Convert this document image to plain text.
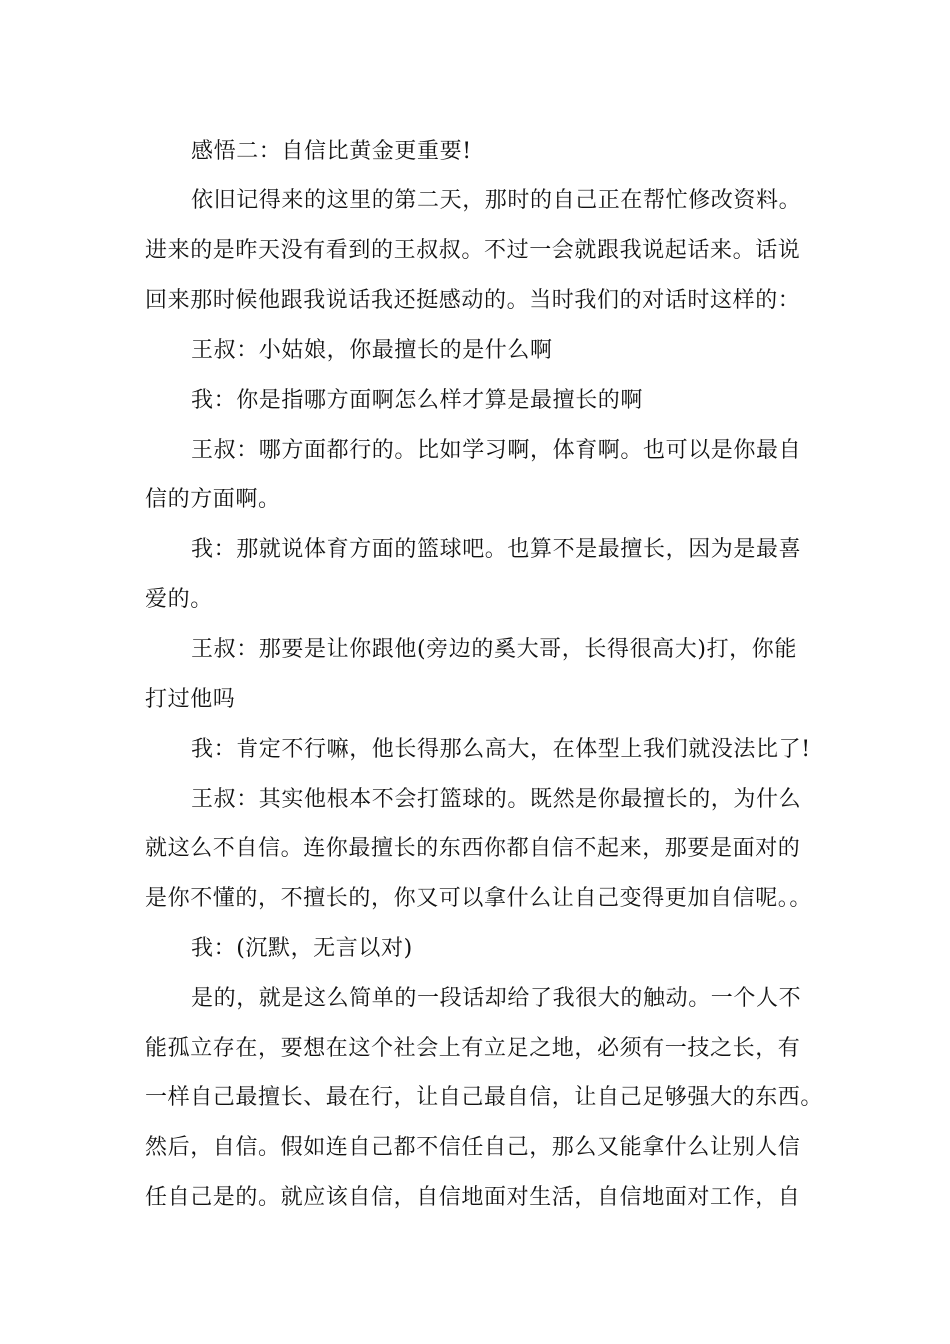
感悟二：自信比黄金更重要!
依旧记得来的这里的第二天，那时的自己正在帮忙修改资料。
进来的是昨天没有看到的王叔叔。不过一会就跟我说起话来。话说
回来那时候他跟我说话我还挺感动的。当时我们的对话时这样的：
王叔：小姑娘，你最擅长的是什么啊
我：你是指哪方面啊怎么样才算是最擅长的啊
王叔：哪方面都行的。比如学习啊，体育啊。也可以是你最自
信的方面啊。
我：那就说体育方面的篮球吧。也算不是最擅长，因为是最喜
爱的。
王叔：那要是让你跟他(旁边的奚大哥，长得很高大)打，你能
打过他吗
我：肯定不行嘛，他长得那么高大，在体型上我们就没法比了!
王叔：其实他根本不会打篮球的。既然是你最擅长的，为什么
就这么不自信。连你最擅长的东西你都自信不起来，那要是面对的
是你不懂的，不擅长的，你又可以拿什么让自己变得更加自信呢。。
我：(沉默，无言以对)
是的，就是这么简单的一段话却给了我很大的触动。一个人不
能孤立存在，要想在这个社会上有立足之地，必须有一技之长，有
一样自己最擅长、最在行，让自己最自信，让自己足够强大的东西。
然后，自信。假如连自己都不信任自己，那么又能拿什么让别人信
任自己是的。就应该自信，自信地面对生活，自信地面对工作，自
